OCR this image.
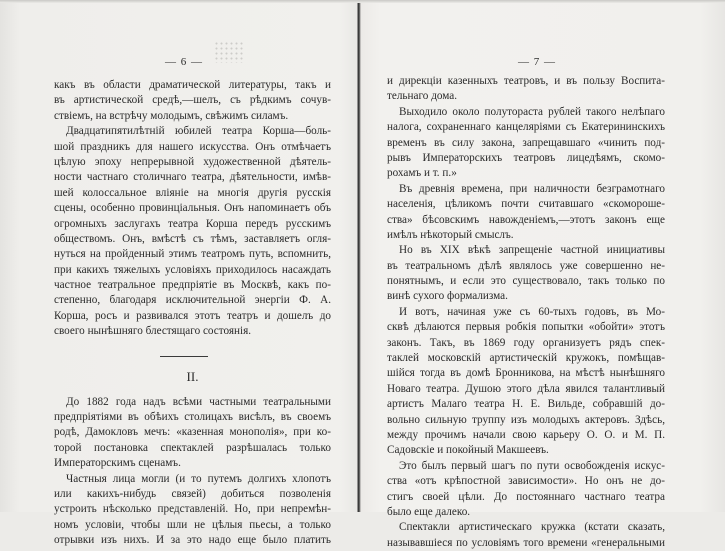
— 6 —

какъ въ области драматической литературы, такъ и
въ артистической средѣ,—шелъ, съ рѣдкимъ сочув-
ствіемъ, на встрѣчу молодымъ, свѣжимъ силамъ.

Двадцатипятилѣтній юбилей театра Корша—боль-
шой праздникъ для нашего искусства. Онъ отмѣчаетъ
цѣлую эпоху непрерывной художественной дѣятель-
ности частнаго столичнаго театра, дѣятельности, имѣв-
шей колоссальное вліяніе на многія другія русскія
сцены, особенно провинціальныя. Онъ напоминаетъ объ
огромныхъ заслугахъ театра Корша передъ русскимъ
обществомъ. Онъ, вмѣстѣ съ тѣмъ, заставляетъ огля-
нуться на пройденный этимъ театромъ путь, вспомнить,
при какихъ тяжелыхъ условіяхъ приходилось насаждать
частное театральное предпріятіе въ Москвѣ, какъ по-
степенно, благодаря исключительной энергіи Ф. А.
Корша, росъ и развивался этотъ театръ и дошелъ до
своего нынѣшняго блестящаго состоянія.

II.

До 1882 года надъ всѣми частными театральными
предпріятіями въ обѣихъ столицахъ висѣлъ, въ своемъ
родѣ, Дамокловъ мечъ: «казенная монополія», при ко-
торой постановка спектаклей разрѣшалась только
Императорскимъ сценамъ.

Частныя лица могли (и то путемъ долгихъ хлопотъ
или какихъ-нибудь связей) добиться позволенія
устроить нѣсколько представленій. Но, при непремѣн-
номъ условіи, чтобы шли не цѣлыя пьесы, а только
отрывки изъ нихъ. И за это надо еще было платить

— 7 —

и дирекціи казенныхъ театровъ, и въ пользу Воспита-
тельнаго дома.

Выходило около полутораста рублей такого нелѣпаго
налога, сохраненнаго канцеляріями съ Екатерининскихъ
временъ въ силу закона, запрещавшаго «чинить под-
рывъ Императорскихъ театровъ лицедѣямъ, скомо-
рохамъ и т. п.»

Въ древнія времена, при наличности безграмотнаго
населенія, цѣликомъ почти считавшаго «скомороше-
ства» бѣсовскимъ навожденіемъ,—этотъ законъ еще
имѣлъ нѣкоторый смыслъ.

Но въ XIX вѣкѣ запрещеніе частной инициативы
въ театральномъ дѣлѣ являлось уже совершенно не-
понятнымъ, и если это существовало, такъ только по
винѣ сухого формализма.

И вотъ, начиная уже съ 60-тыхъ годовъ, въ Мо-
сквѣ дѣлаются первыя робкія попытки «обойти» этотъ
законъ. Такъ, въ 1869 году организуетъ рядъ спек-
таклей московскій артистическій кружокъ, помѣщав-
шійся тогда въ домѣ Бронникова, на мѣстѣ нынѣшняго
Новаго театра. Душою этого дѣла явился талантливый
артистъ Малаго театра Н. Е. Вильде, собравшій до-
вольно сильную труппу изъ молодыхъ актеровъ. Здѣсь,
между прочимъ начали свою карьеру О. О. и М. П.
Садовскіе и покойный Макшеевъ.

Это былъ первый шагъ по пути освобожденія искус-
ства «отъ крѣпостной зависимости». Но онъ не до-
стигъ своей цѣли. До постояннаго частнаго театра
было еще далеко.

Спектакли артистическаго кружка (кстати сказать,
называвшіеся по условіямъ того времени «генеральными
